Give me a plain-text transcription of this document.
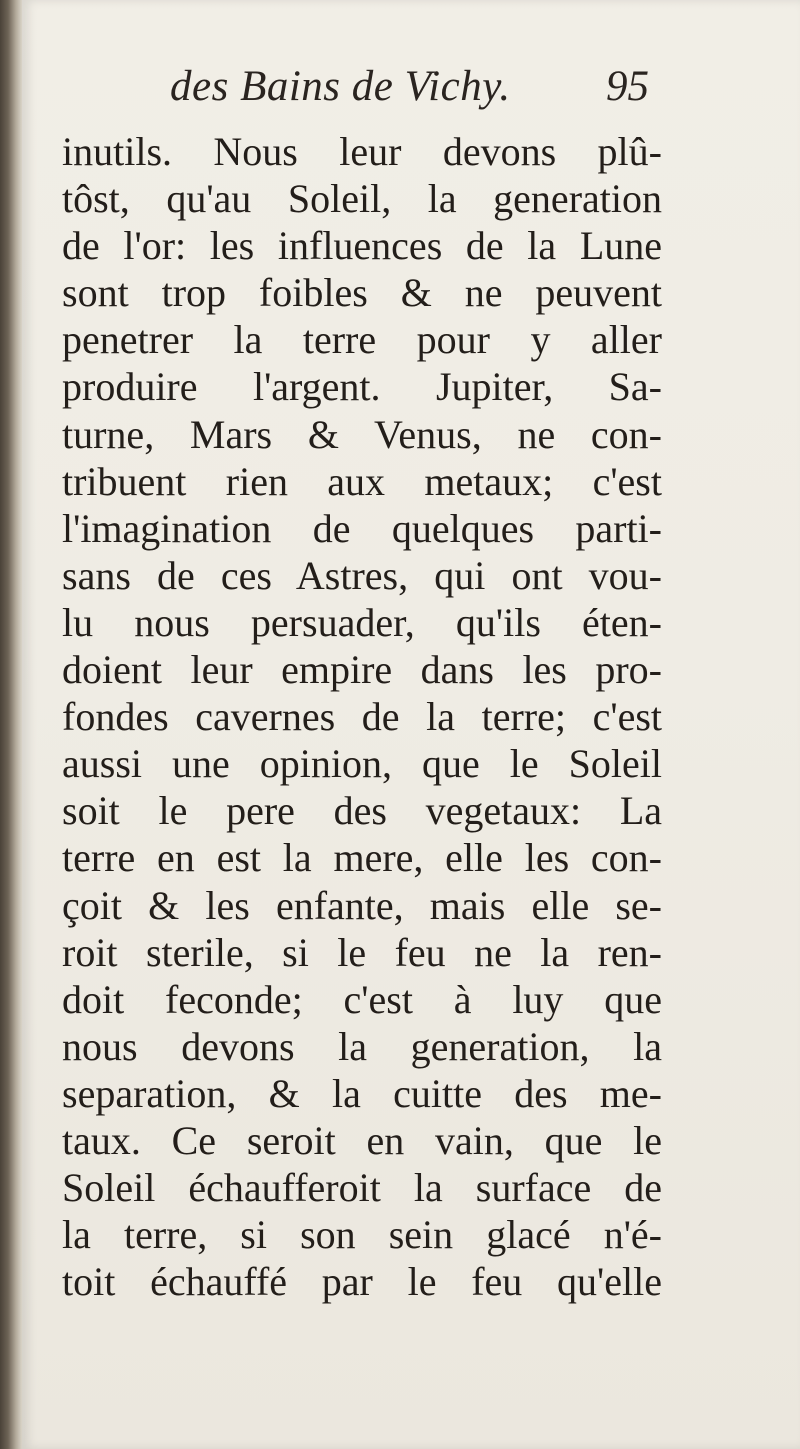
des Bains de Vichy. 95
inutils. Nous leur devons plû-
tôst, qu'au Soleil, la generation
de l'or: les influences de la Lune
sont trop foibles & ne peuvent
penetrer la terre pour y aller
produire l'argent. Jupiter, Sa-
turne, Mars & Venus, ne con-
tribuent rien aux metaux; c'est
l'imagination de quelques parti-
sans de ces Astres, qui ont vou-
lu nous persuader, qu'ils éten-
doient leur empire dans les pro-
fondes cavernes de la terre; c'est
aussi une opinion, que le Soleil
soit le pere des vegetaux: La
terre en est la mere, elle les con-
çoit & les enfante, mais elle se-
roit sterile, si le feu ne la ren-
doit feconde; c'est à luy que
nous devons la generation, la
separation, & la cuitte des me-
taux. Ce seroit en vain, que le
Soleil échaufferoit la surface de
la terre, si son sein glacé n'é-
toit échauffé par le feu qu'elle
